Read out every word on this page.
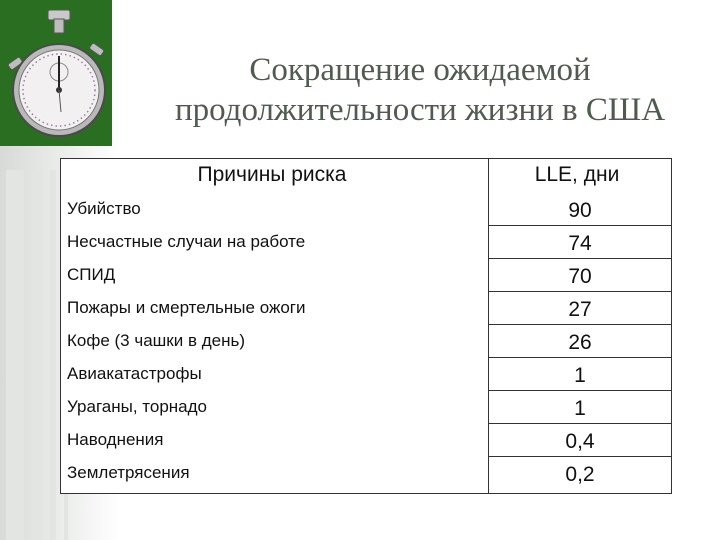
Сокращение ожидаемой
продолжительности жизни в США
Причины риска	LLE, дни
Убийство	90
Несчастные случаи на работе	74
СПИД	70
Пожары и смертельные ожоги	27
Кофе (3 чашки в день)	26
Авиакатастрофы	1
Ураганы, торнадо	1
Наводнения	0,4
Землетрясения	0,2
